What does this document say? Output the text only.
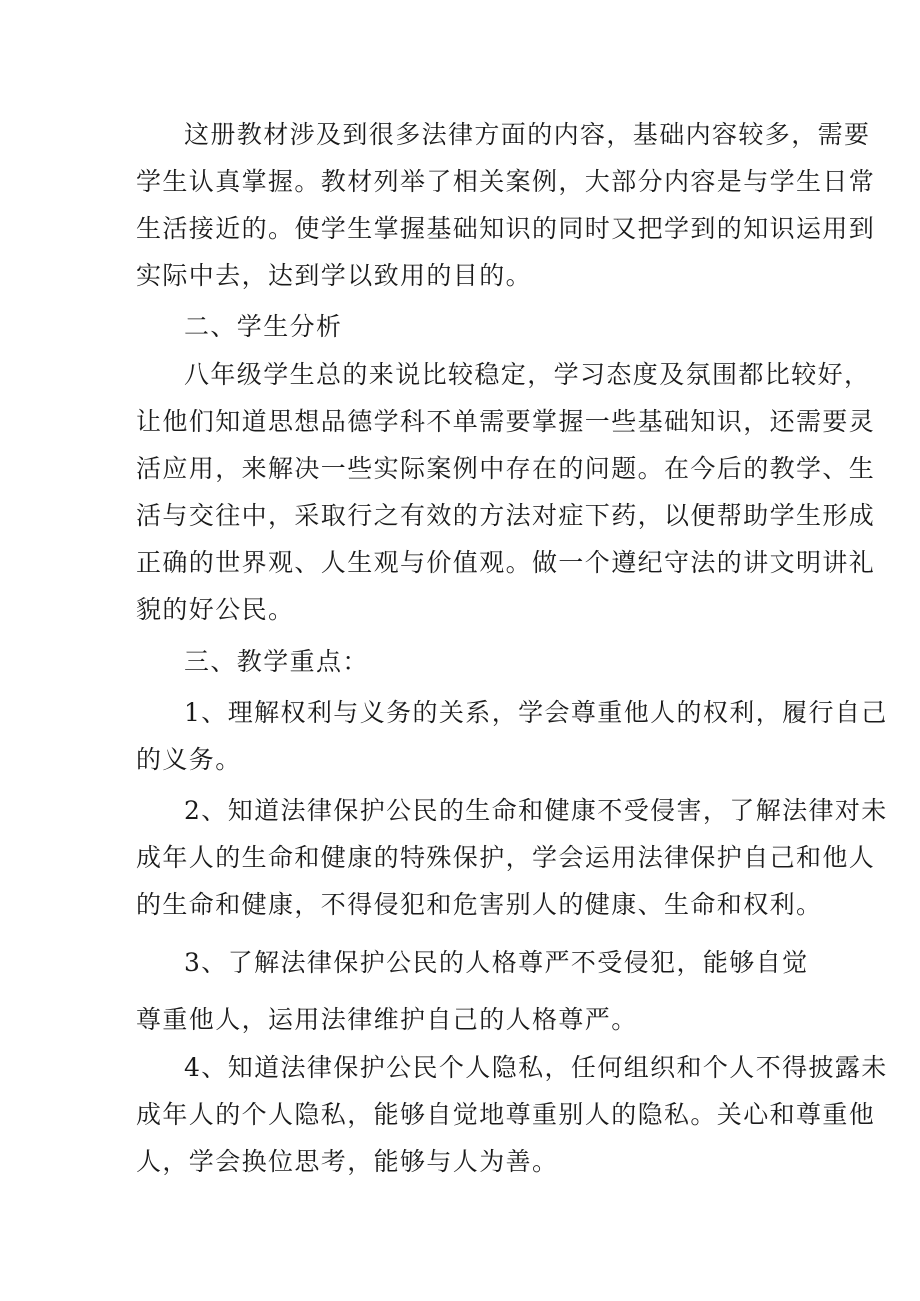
这册教材涉及到很多法律方面的内容，基础内容较多，需要
学生认真掌握。教材列举了相关案例，大部分内容是与学生日常
生活接近的。使学生掌握基础知识的同时又把学到的知识运用到
实际中去，达到学以致用的目的。
二、学生分析
八年级学生总的来说比较稳定，学习态度及氛围都比较好，
让他们知道思想品德学科不单需要掌握一些基础知识，还需要灵
活应用，来解决一些实际案例中存在的问题。在今后的教学、生
活与交往中，采取行之有效的方法对症下药，以便帮助学生形成
正确的世界观、人生观与价值观。做一个遵纪守法的讲文明讲礼
貌的好公民。
三、教学重点：
1、理解权利与义务的关系，学会尊重他人的权利，履行自己
的义务。
2、知道法律保护公民的生命和健康不受侵害，了解法律对未
成年人的生命和健康的特殊保护，学会运用法律保护自己和他人
的生命和健康，不得侵犯和危害别人的健康、生命和权利。
3、了解法律保护公民的人格尊严不受侵犯，能够自觉
尊重他人，运用法律维护自己的人格尊严。
4、知道法律保护公民个人隐私，任何组织和个人不得披露未
成年人的个人隐私，能够自觉地尊重别人的隐私。关心和尊重他
人，学会换位思考，能够与人为善。
